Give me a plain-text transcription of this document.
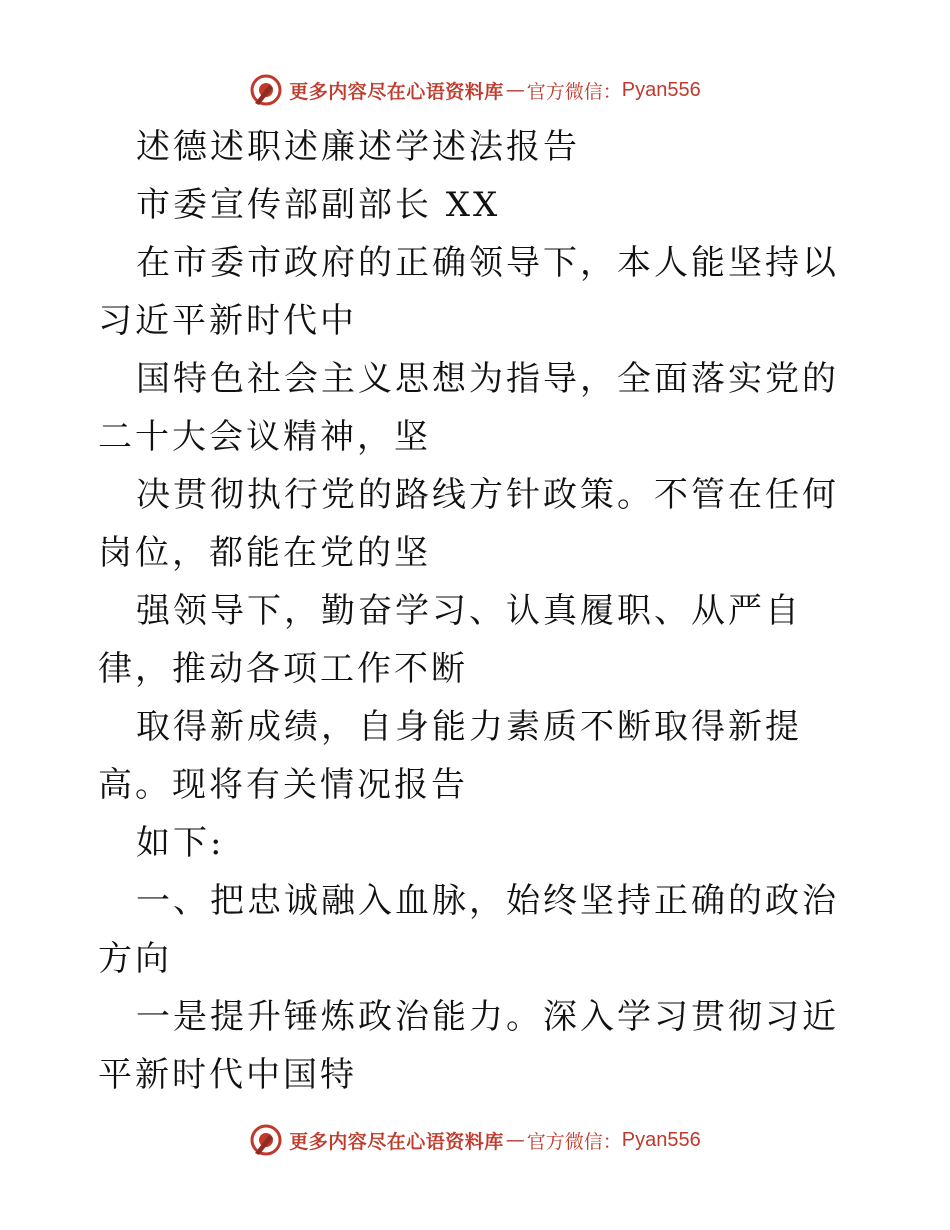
更多内容尽在心语资料库 — 官方微信： Pyan556

述德述职述廉述学述法报告

市委宣传部副部长 XX

在市委市政府的正确领导下，本人能坚持以习近平新时代中

国特色社会主义思想为指导，全面落实党的二十大会议精神，坚

决贯彻执行党的路线方针政策。不管在任何岗位，都能在党的坚

强领导下，勤奋学习、认真履职、从严自律，推动各项工作不断

取得新成绩，自身能力素质不断取得新提高。现将有关情况报告

如下:

一、把忠诚融入血脉，始终坚持正确的政治方向

一是提升锤炼政治能力。深入学习贯彻习近平新时代中国特

更多内容尽在心语资料库 — 官方微信： Pyan556
